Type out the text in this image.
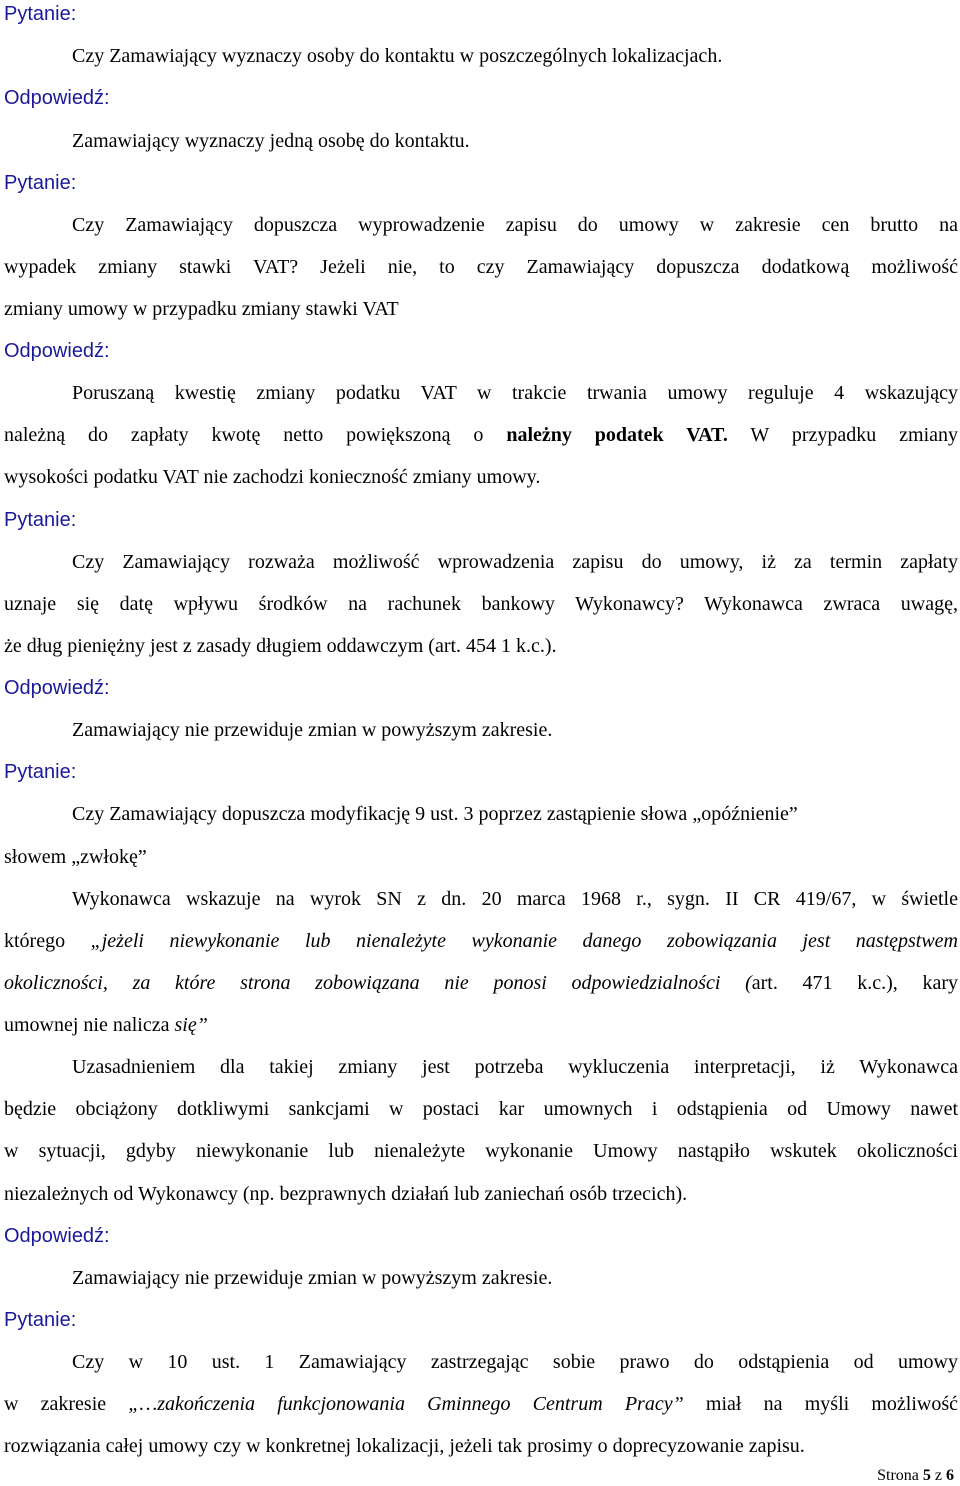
Pytanie:
Czy Zamawiający wyznaczy osoby do kontaktu w poszczególnych lokalizacjach.
Odpowiedź:
Zamawiający wyznaczy jedną osobę do kontaktu.
Pytanie:
Czy Zamawiający dopuszcza wyprowadzenie zapisu do umowy w zakresie cen brutto na
wypadek zmiany stawki VAT? Jeżeli nie, to czy Zamawiający dopuszcza dodatkową możliwość
zmiany umowy w przypadku zmiany stawki VAT
Odpowiedź:
Poruszaną kwestię zmiany podatku VAT w trakcie trwania umowy reguluje 4 wskazujący
należną do zapłaty kwotę netto powiększoną o należny podatek VAT. W przypadku zmiany
wysokości podatku VAT nie zachodzi konieczność zmiany umowy.
Pytanie:
Czy Zamawiający rozważa możliwość wprowadzenia zapisu do umowy, iż za termin zapłaty
uznaje się datę wpływu środków na rachunek bankowy Wykonawcy? Wykonawca zwraca uwagę,
że dług pieniężny jest z zasady długiem oddawczym (art. 454 1 k.c.).
Odpowiedź:
Zamawiający nie przewiduje zmian w powyższym zakresie.
Pytanie:
Czy Zamawiający dopuszcza modyfikację 9 ust. 3 poprzez zastąpienie słowa „opóźnienie”
słowem „zwłokę”
Wykonawca wskazuje na wyrok SN z dn. 20 marca 1968 r., sygn. II CR 419/67, w świetle
którego „jeżeli niewykonanie lub nienależyte wykonanie danego zobowiązania jest następstwem
okoliczności, za które strona zobowiązana nie ponosi odpowiedzialności (art. 471 k.c.), kary
umownej nie nalicza się”
Uzasadnieniem dla takiej zmiany jest potrzeba wykluczenia interpretacji, iż Wykonawca
będzie obciążony dotkliwymi sankcjami w postaci kar umownych i odstąpienia od Umowy nawet
w sytuacji, gdyby niewykonanie lub nienależyte wykonanie Umowy nastąpiło wskutek okoliczności
niezależnych od Wykonawcy (np. bezprawnych działań lub zaniechań osób trzecich).
Odpowiedź:
Zamawiający nie przewiduje zmian w powyższym zakresie.
Pytanie:
Czy w 10 ust. 1 Zamawiający zastrzegając sobie prawo do odstąpienia od umowy
w zakresie „…zakończenia funkcjonowania Gminnego Centrum Pracy” miał na myśli możliwość
rozwiązania całej umowy czy w konkretnej lokalizacji, jeżeli tak prosimy o doprecyzowanie zapisu.
Strona 5 z 6
